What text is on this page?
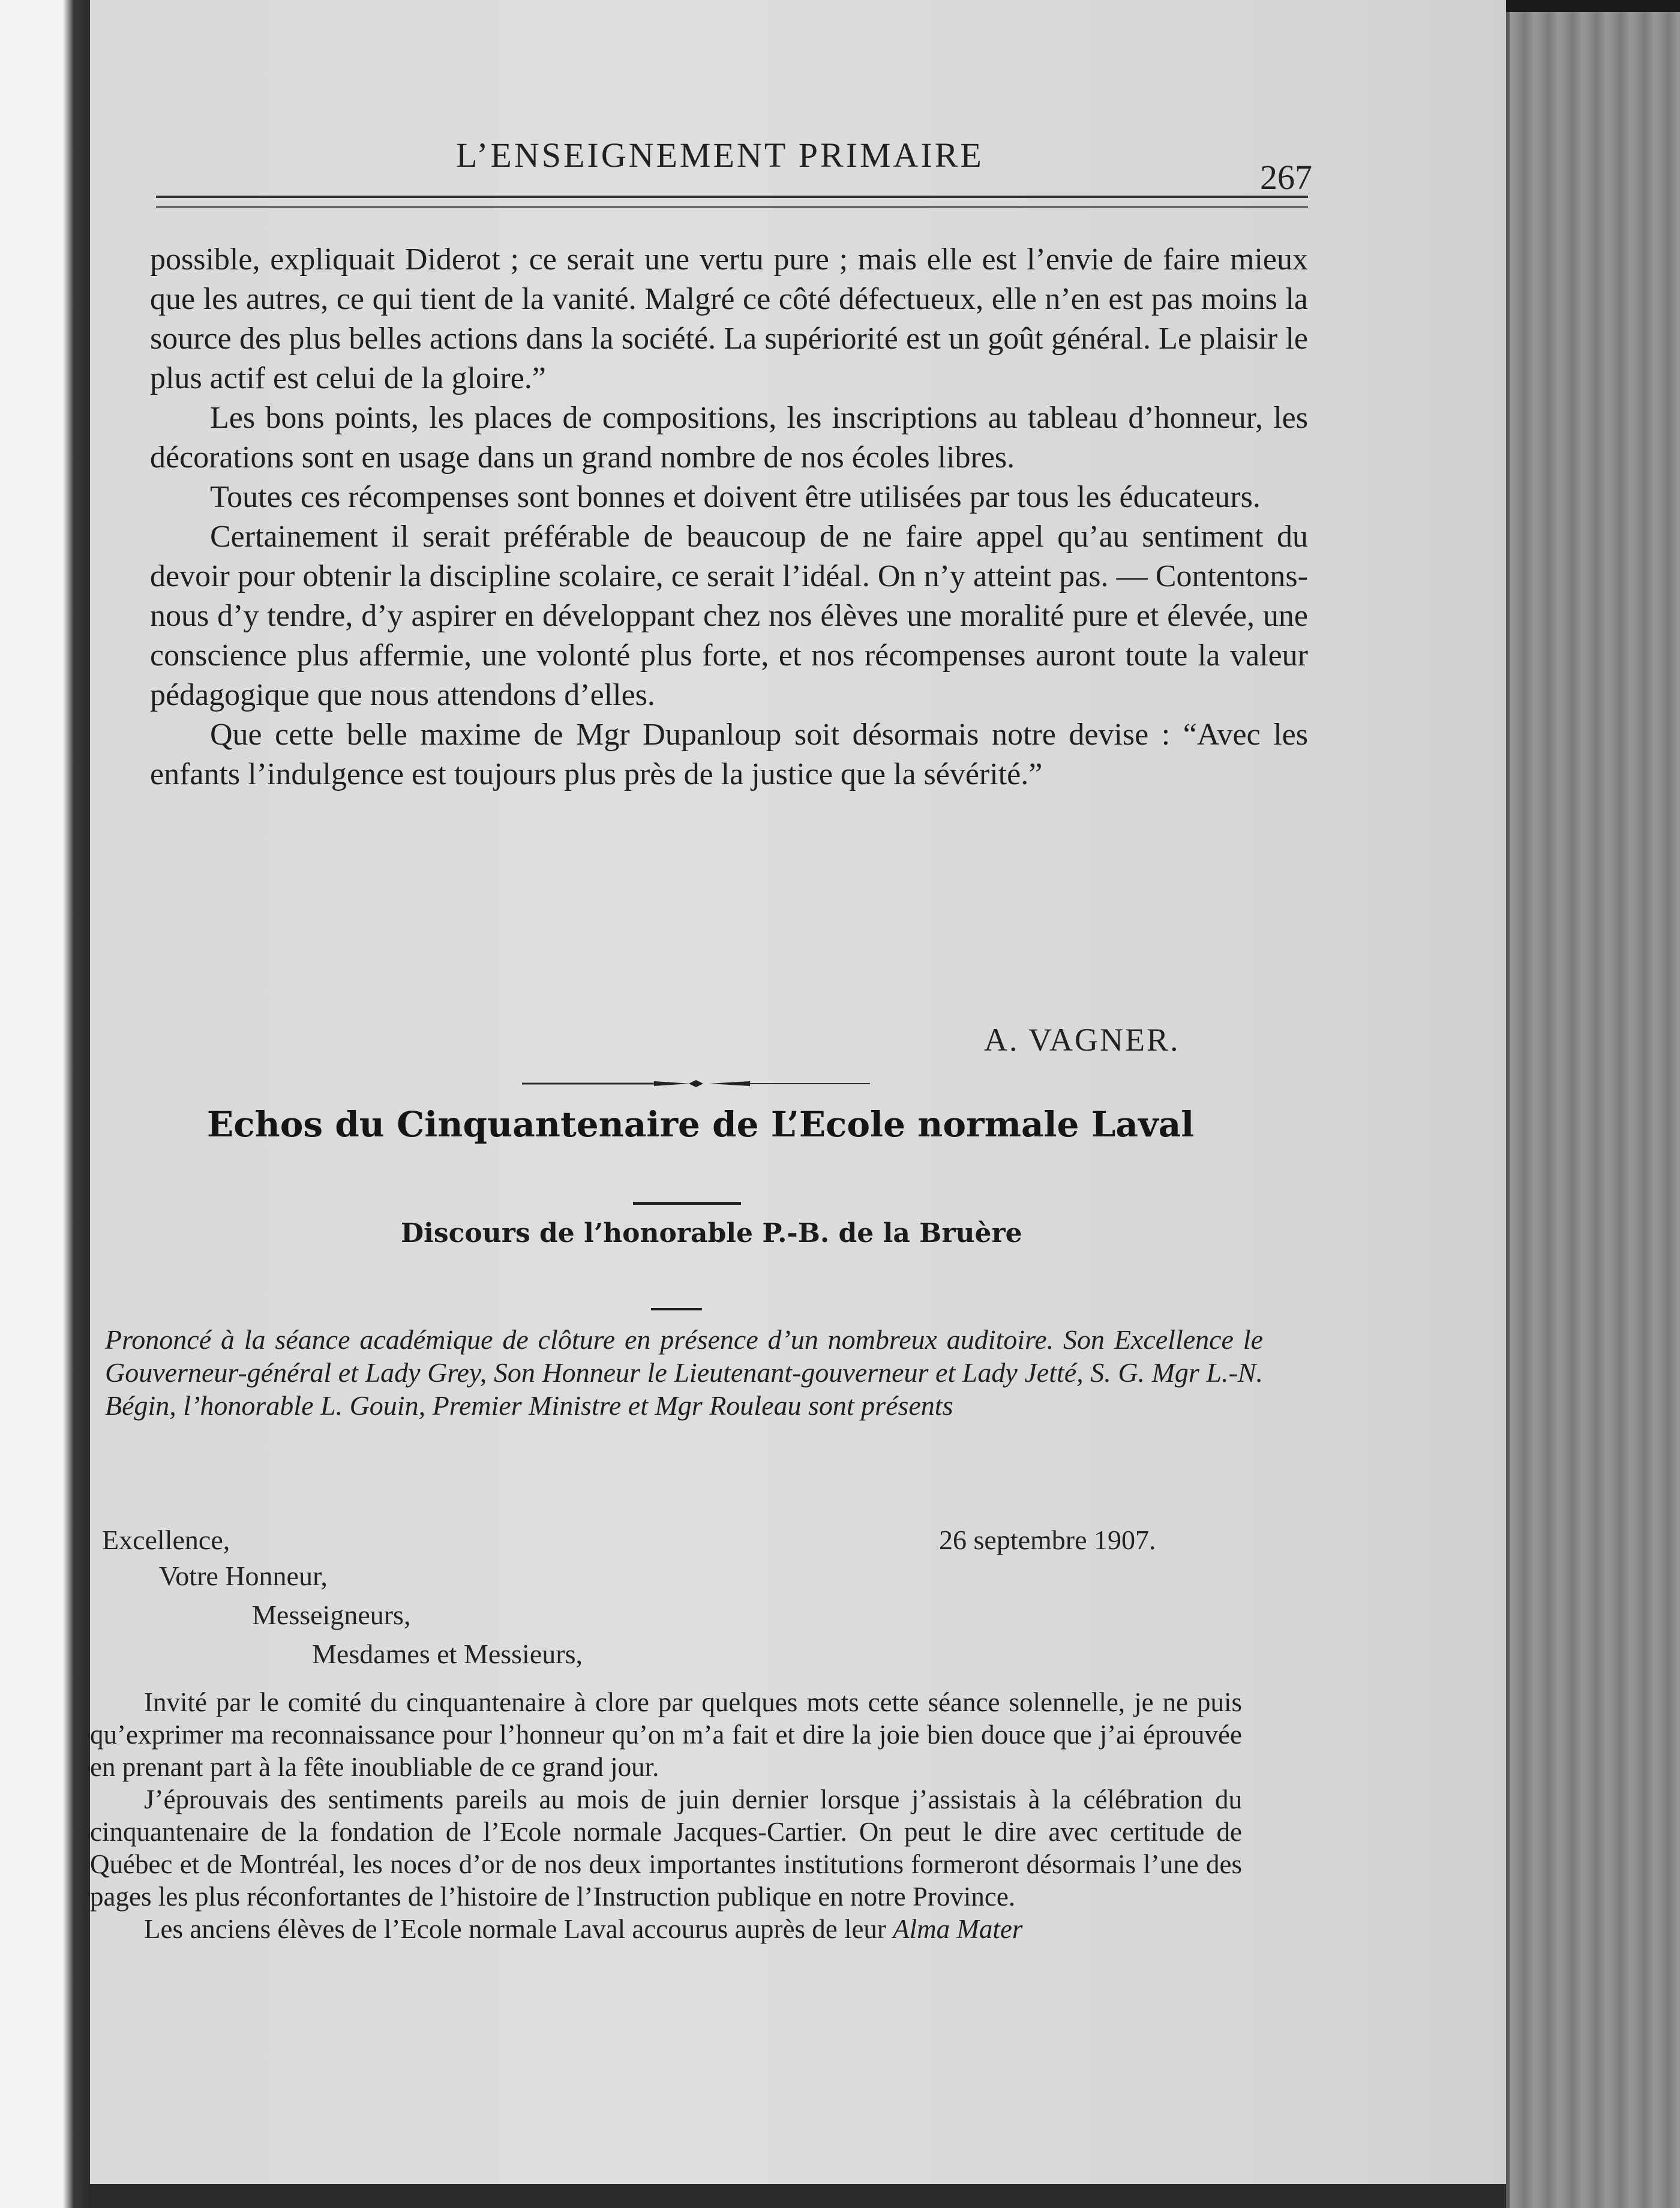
L’ENSEIGNEMENT PRIMAIRE
267

possible, expliquait Diderot ; ce serait une vertu pure ; mais elle est l’envie de faire mieux que les autres, ce qui tient de la vanité. Malgré ce côté défectueux, elle n’en est pas moins la source des plus belles actions dans la société. La supériorité est un goût général. Le plaisir le plus actif est celui de la gloire.”

Les bons points, les places de compositions, les inscriptions au tableau d’honneur, les décorations sont en usage dans un grand nombre de nos écoles libres.

Toutes ces récompenses sont bonnes et doivent être utilisées par tous les éducateurs.

Certainement il serait préférable de beaucoup de ne faire appel qu’au sentiment du devoir pour obtenir la discipline scolaire, ce serait l’idéal. On n’y atteint pas. — Contentons-nous d’y tendre, d’y aspirer en développant chez nos élèves une moralité pure et élevée, une conscience plus affermie, une volonté plus forte, et nos récompenses auront toute la valeur pédagogique que nous attendons d’elles.

Que cette belle maxime de Mgr Dupanloup soit désormais notre devise : “Avec les enfants l’indulgence est toujours plus près de la justice que la sévérité.”

A. VAGNER.
Echos du Cinquantenaire de L’Ecole normale Laval
Discours de l’honorable P.-B. de la Bruère
Prononcé à la séance académique de clôture en présence d’un nombreux auditoire. Son Excellence le Gouverneur-général et Lady Grey, Son Honneur le Lieutenant-gouverneur et Lady Jetté, S. G. Mgr L.-N. Bégin, l’honorable L. Gouin, Premier Ministre et Mgr Rouleau sont présents
Excellence,
Votre Honneur,
Messeigneurs,
Mesdames et Messieurs,
26 septembre 1907.

Invité par le comité du cinquantenaire à clore par quelques mots cette séance solennelle, je ne puis qu’exprimer ma reconnaissance pour l’honneur qu’on m’a fait et dire la joie bien douce que j’ai éprouvée en prenant part à la fête inoubliable de ce grand jour.

J’éprouvais des sentiments pareils au mois de juin dernier lorsque j’assistais à la célébration du cinquantenaire de la fondation de l’Ecole normale Jacques-Cartier. On peut le dire avec certitude de Québec et de Montréal, les noces d’or de nos deux importantes institutions formeront désormais l’une des pages les plus réconfortantes de l’histoire de l’Instruction publique en notre Province.

Les anciens élèves de l’Ecole normale Laval accourus auprès de leur Alma Mater
